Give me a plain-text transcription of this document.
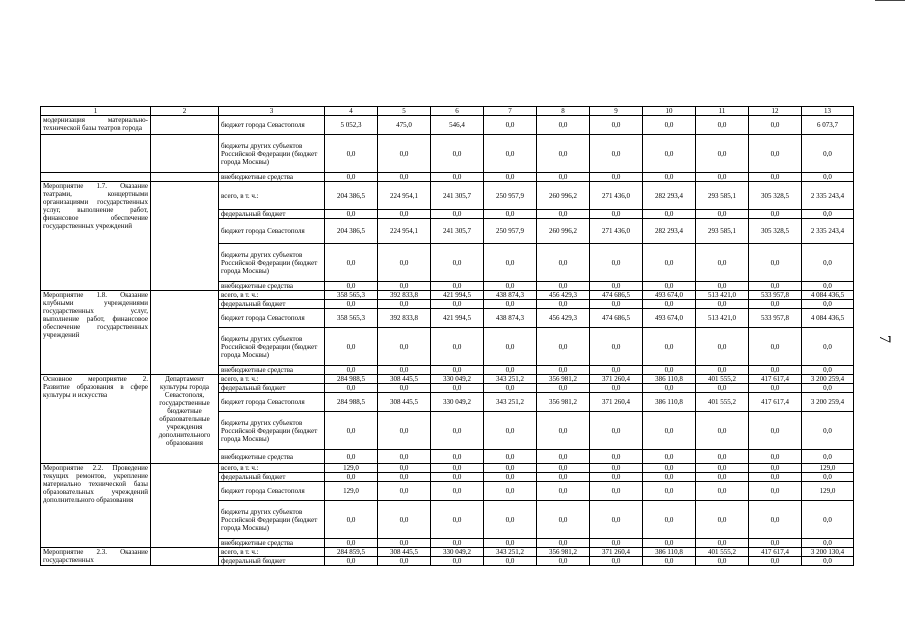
1	2	3	4	5	6	7	8	9	10	11	12	13
модернизация материально-технической базы театров города		бюджет города Севастополя	5 052,3	475,0	546,4	0,0	0,0	0,0	0,0	0,0	0,0	6 073,7
		бюджеты других субъектов Российской Федерации (бюджет города Москвы)	0,0	0,0	0,0	0,0	0,0	0,0	0,0	0,0	0,0	0,0
		внебюджетные средства	0,0	0,0	0,0	0,0	0,0	0,0	0,0	0,0	0,0	0,0
Мероприятие 1.7. Оказание театрами, концертными организациями государственных услуг, выполнение работ, финансовое обеспечение государственных учреждений		всего, в т. ч.:	204 386,5	224 954,1	241 305,7	250 957,9	260 996,2	271 436,0	282 293,4	293 585,1	305 328,5	2 335 243,4
		федеральный бюджет	0,0	0,0	0,0	0,0	0,0	0,0	0,0	0,0	0,0	0,0
		бюджет города Севастополя	204 386,5	224 954,1	241 305,7	250 957,9	260 996,2	271 436,0	282 293,4	293 585,1	305 328,5	2 335 243,4
		бюджеты других субъектов Российской Федерации (бюджет города Москвы)	0,0	0,0	0,0	0,0	0,0	0,0	0,0	0,0	0,0	0,0
		внебюджетные средства	0,0	0,0	0,0	0,0	0,0	0,0	0,0	0,0	0,0	0,0
Мероприятие 1.8. Оказание клубными учреждениями государственных услуг, выполнение работ, финансовое обеспечение государственных учреждений		всего, в т. ч.:	358 565,3	392 833,8	421 994,5	438 874,3	456 429,3	474 686,5	493 674,0	513 421,0	533 957,8	4 084 436,5
		федеральный бюджет	0,0	0,0	0,0	0,0	0,0	0,0	0,0	0,0	0,0	0,0
		бюджет города Севастополя	358 565,3	392 833,8	421 994,5	438 874,3	456 429,3	474 686,5	493 674,0	513 421,0	533 957,8	4 084 436,5
		бюджеты других субъектов Российской Федерации (бюджет города Москвы)	0,0	0,0	0,0	0,0	0,0	0,0	0,0	0,0	0,0	0,0
		внебюджетные средства	0,0	0,0	0,0	0,0	0,0	0,0	0,0	0,0	0,0	0,0
Основное мероприятие 2. Развитие образования в сфере культуры и искусства	Департамент культуры города Севастополя, государственные бюджетные образовательные учреждения дополнительного образования	всего, в т. ч.:	284 988,5	308 445,5	330 049,2	343 251,2	356 981,2	371 260,4	386 110,8	401 555,2	417 617,4	3 200 259,4
		федеральный бюджет	0,0	0,0	0,0	0,0	0,0	0,0	0,0	0,0	0,0	0,0
		бюджет города Севастополя	284 988,5	308 445,5	330 049,2	343 251,2	356 981,2	371 260,4	386 110,8	401 555,2	417 617,4	3 200 259,4
		бюджеты других субъектов Российской Федерации (бюджет города Москвы)	0,0	0,0	0,0	0,0	0,0	0,0	0,0	0,0	0,0	0,0
		внебюджетные средства	0,0	0,0	0,0	0,0	0,0	0,0	0,0	0,0	0,0	0,0
Мероприятие 2.2. Проведение текущих ремонтов, укрепление материально технической базы образовательных учреждений дополнительного образования		всего, в т. ч.:	129,0	0,0	0,0	0,0	0,0	0,0	0,0	0,0	0,0	129,0
		федеральный бюджет	0,0	0,0	0,0	0,0	0,0	0,0	0,0	0,0	0,0	0,0
		бюджет города Севастополя	129,0	0,0	0,0	0,0	0,0	0,0	0,0	0,0	0,0	129,0
		бюджеты других субъектов Российской Федерации (бюджет города Москвы)	0,0	0,0	0,0	0,0	0,0	0,0	0,0	0,0	0,0	0,0
		внебюджетные средства	0,0	0,0	0,0	0,0	0,0	0,0	0,0	0,0	0,0	0,0
Мероприятие 2.3. Оказание государственных		всего, в т. ч.:	284 859,5	308 445,5	330 049,2	343 251,2	356 981,2	371 260,4	386 110,8	401 555,2	417 617,4	3 200 130,4
		федеральный бюджет	0,0	0,0	0,0	0,0	0,0	0,0	0,0	0,0	0,0	0,0
7
